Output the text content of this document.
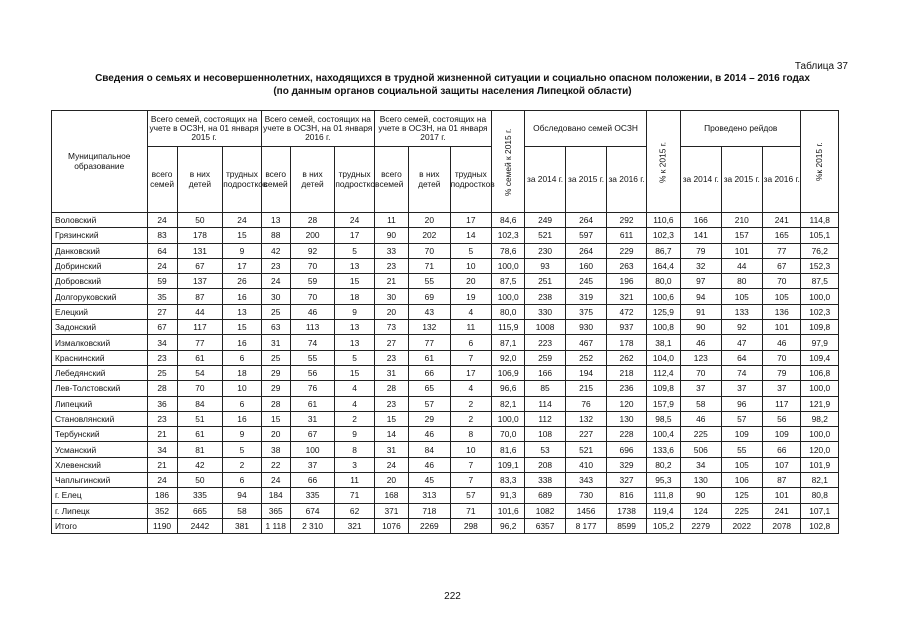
Таблица 37
Сведения о семьях и несовершеннолетних, находящихся в трудной жизненной ситуации и социально опасном положении, в 2014 – 2016 годах
(по данным органов социальной защиты населения Липецкой области)
Муниципальное образование	Всего семей, состоящих на учете в ОСЗН, на 01 января 2015 г.			Всего семей, состоящих на учете в ОСЗН, на 01 января 2016 г.			Всего семей, состоящих на учете в ОСЗН, на 01 января 2017 г.			% семей к 2015 г.	Обследовано семей ОСЗН			% к 2015 г.	Проведено рейдов			%к 2015 г.
	всего семей	в них детей	трудных подростков	всего семей	в них детей	трудных подростков	всего семей	в них детей	трудных подростков		за 2014 г.	за 2015 г.	за 2016 г.		за 2014 г.	за 2015 г.	за 2016 г.	
Воловский	24	50	24	13	28	24	11	20	17	84,6	249	264	292	110,6	166	210	241	114,8
Грязинский	83	178	15	88	200	17	90	202	14	102,3	521	597	611	102,3	141	157	165	105,1
Данковский	64	131	9	42	92	5	33	70	5	78,6	230	264	229	86,7	79	101	77	76,2
Добринский	24	67	17	23	70	13	23	71	10	100,0	93	160	263	164,4	32	44	67	152,3
Добровский	59	137	26	24	59	15	21	55	20	87,5	251	245	196	80,0	97	80	70	87,5
Долгоруковский	35	87	16	30	70	18	30	69	19	100,0	238	319	321	100,6	94	105	105	100,0
Елецкий	27	44	13	25	46	9	20	43	4	80,0	330	375	472	125,9	91	133	136	102,3
Задонский	67	117	15	63	113	13	73	132	11	115,9	1008	930	937	100,8	90	92	101	109,8
Измалковский	34	77	16	31	74	13	27	77	6	87,1	223	467	178	38,1	46	47	46	97,9
Краснинский	23	61	6	25	55	5	23	61	7	92,0	259	252	262	104,0	123	64	70	109,4
Лебедянский	25	54	18	29	56	15	31	66	17	106,9	166	194	218	112,4	70	74	79	106,8
Лев-Толстовский	28	70	10	29	76	4	28	65	4	96,6	85	215	236	109,8	37	37	37	100,0
Липецкий	36	84	6	28	61	4	23	57	2	82,1	114	76	120	157,9	58	96	117	121,9
Становлянский	23	51	16	15	31	2	15	29	2	100,0	112	132	130	98,5	46	57	56	98,2
Тербунский	21	61	9	20	67	9	14	46	8	70,0	108	227	228	100,4	225	109	109	100,0
Усманский	34	81	5	38	100	8	31	84	10	81,6	53	521	696	133,6	506	55	66	120,0
Хлевенский	21	42	2	22	37	3	24	46	7	109,1	208	410	329	80,2	34	105	107	101,9
Чаплыгинский	24	50	6	24	66	11	20	45	7	83,3	338	343	327	95,3	130	106	87	82,1
г. Елец	186	335	94	184	335	71	168	313	57	91,3	689	730	816	111,8	90	125	101	80,8
г. Липецк	352	665	58	365	674	62	371	718	71	101,6	1082	1456	1738	119,4	124	225	241	107,1
Итого	1190	2442	381	1 118	2 310	321	1076	2269	298	96,2	6357	8 177	8599	105,2	2279	2022	2078	102,8
222
